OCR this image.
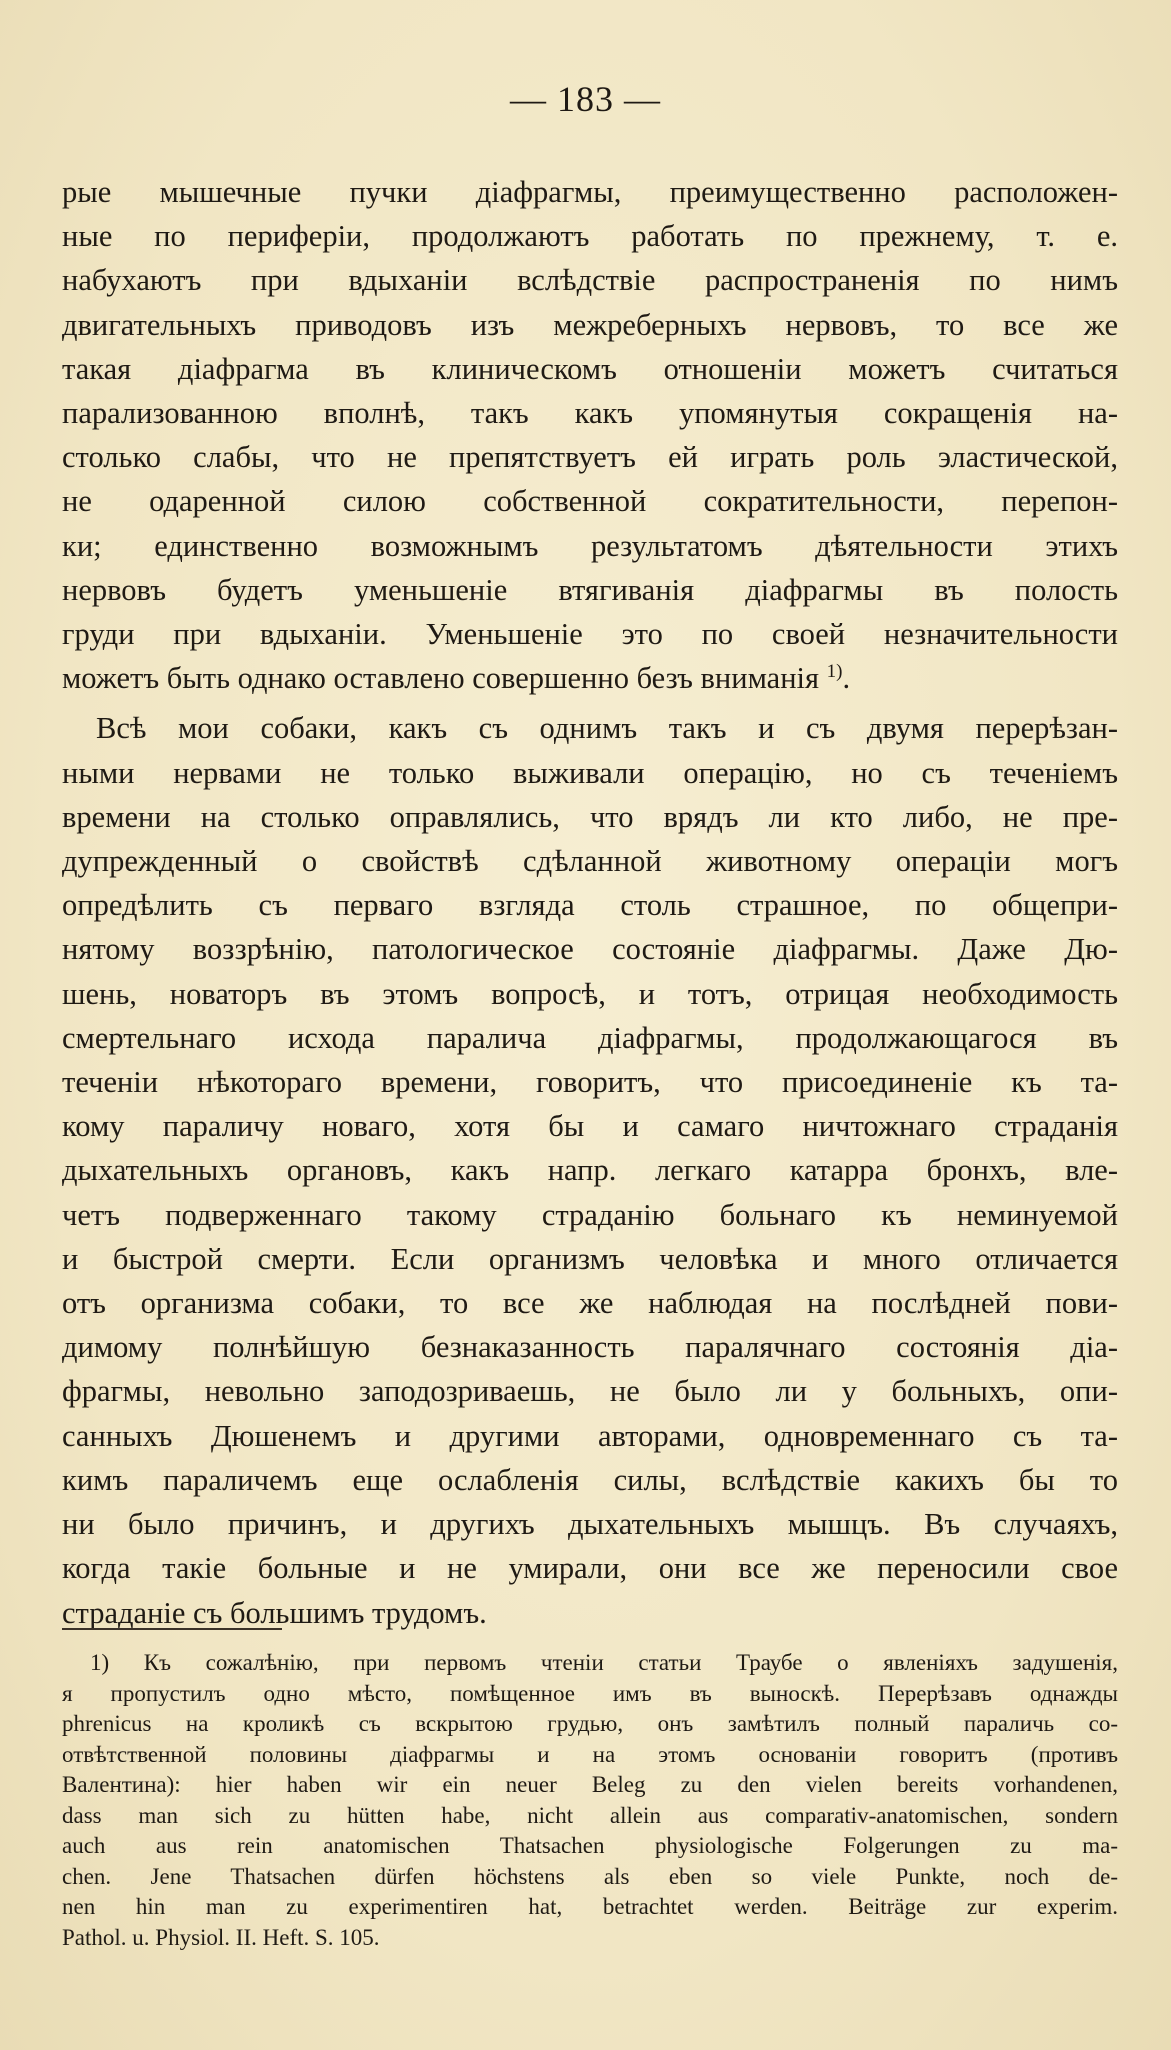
— 183 —
рые мышечные пучки діафрагмы, преимущественно расположен-
ные по периферіи, продолжаютъ работать по прежнему, т. е.
набухаютъ при вдыханіи вслѣдствіе распространенія по нимъ
двигательныхъ приводовъ изъ межреберныхъ нервовъ, то все же
такая діафрагма въ клиническомъ отношеніи можетъ считаться
парализованною вполнѣ, такъ какъ упомянутыя сокращенія на-
столько слабы, что не препятствуетъ ей играть роль эластической,
не одаренной силою собственной сократительности, перепон-
ки; единственно возможнымъ результатомъ дѣятельности этихъ
нервовъ будетъ уменьшеніе втягиванія діафрагмы въ полость
груди при вдыханіи. Уменьшеніе это по своей незначительности
можетъ быть однако оставлено совершенно безъ вниманія $^{1)}$.
Всѣ мои собаки, какъ съ однимъ такъ и съ двумя перерѣзан-
ными нервами не только выживали операцію, но съ теченіемъ
времени на столько оправлялись, что врядъ ли кто либо, не пре-
дупрежденный о свойствѣ сдѣланной животному операціи могъ
опредѣлить съ перваго взгляда столь страшное, по общепри-
нятому воззрѣнію, патологическое состояніе діафрагмы. Даже Дю-
шень, новаторъ въ этомъ вопросѣ, и тотъ, отрицая необходимость
смертельнаго исхода паралича діафрагмы, продолжающагося въ
теченіи нѣкотораго времени, говоритъ, что присоединеніе къ та-
кому параличу новаго, хотя бы и самаго ничтожнаго страданія
дыхательныхъ органовъ, какъ напр. легкаго катарра бронхъ, вле-
четъ подверженнаго такому страданію больнаго къ неминуемой
и быстрой смерти. Если организмъ человѣка и много отличается
отъ организма собаки, то все же наблюдая на послѣдней пови-
димому полнѣйшую безнаказанность паралячнаго состоянія діа-
фрагмы, невольно заподозриваешь, не было ли у больныхъ, опи-
санныхъ Дюшенемъ и другими авторами, одновременнаго съ та-
кимъ параличемъ еще ослабленія силы, вслѣдствіе какихъ бы то
ни было причинъ, и другихъ дыхательныхъ мышцъ. Въ случаяхъ,
когда такіе больные и не умирали, они все же переносили свое
страданіе съ большимъ трудомъ.
1) Къ сожалѣнію, при первомъ чтеніи статьи Траубе о явленіяхъ задушенія,
я пропустилъ одно мѣсто, помѣщенное имъ въ выноскѣ. Перерѣзавъ однажды
phrenicus на кроликѣ съ вскрытою грудью, онъ замѣтилъ полный параличь со-
отвѣтственной половины діафрагмы и на этомъ основаніи говоритъ (противъ
Валентина): hier haben wir ein neuer Beleg zu den vielen bereits vorhandenen,
dass man sich zu hütten habe, nicht allein aus comparativ-anatomischen, sondern
auch aus rein anatomischen Thatsachen physiologische Folgerungen zu ma-
chen. Jene Thatsachen dürfen höchstens als eben so viele Punkte, noch de-
nen hin man zu experimentiren hat, betrachtet werden. Beiträge zur experim.
Pathol. u. Physiol. II. Heft. S. 105.
